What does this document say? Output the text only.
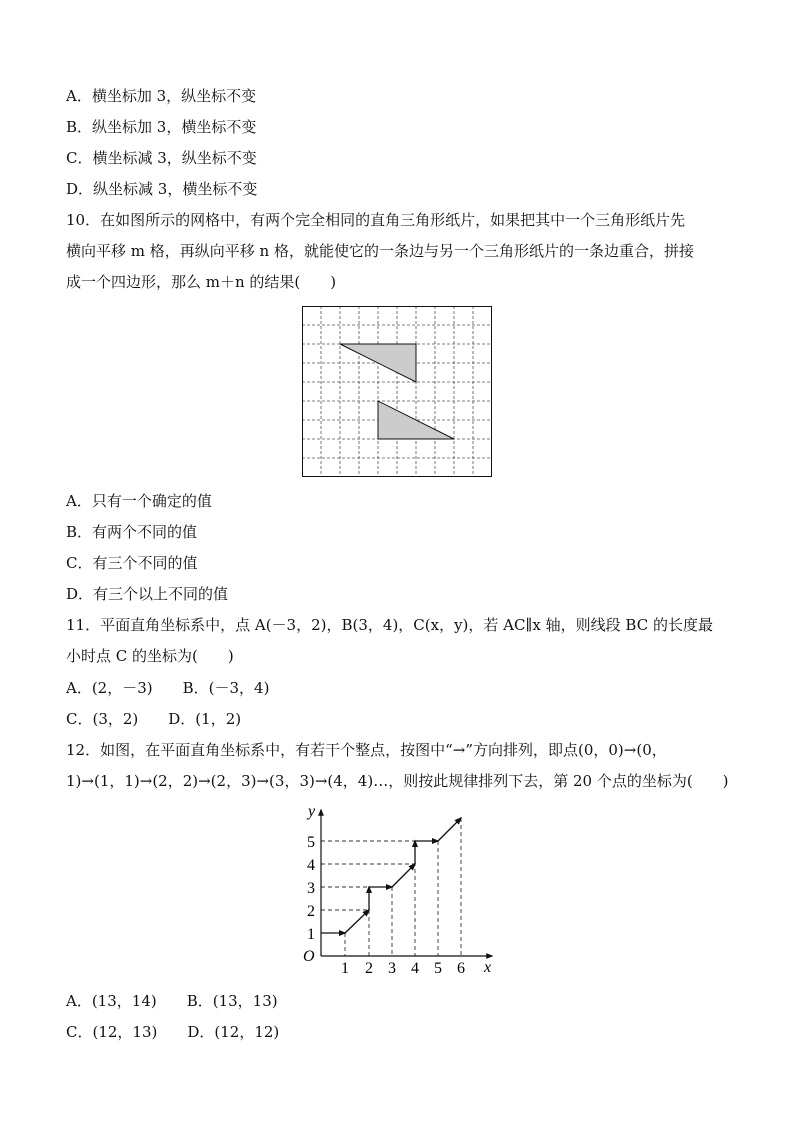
A．横坐标加 3，纵坐标不变
B．纵坐标加 3，横坐标不变
C．横坐标减 3，纵坐标不变
D．纵坐标减 3，横坐标不变
10．在如图所示的网格中，有两个完全相同的直角三角形纸片，如果把其中一个三角形纸片先
横向平移 m 格，再纵向平移 n 格，就能使它的一条边与另一个三角形纸片的一条边重合，拼接
成一个四边形，那么 m＋n 的结果(　　)
A．只有一个确定的值
B．有两个不同的值
C．有三个不同的值
D．有三个以上不同的值
11．平面直角坐标系中，点 A(－3，2)，B(3，4)，C(x，y)，若 AC∥x 轴，则线段 BC 的长度最
小时点 C 的坐标为(　　)
A．(2，－3)　　B．(－3，4)
C．(3，2)　　D．(1，2)
12．如图，在平面直角坐标系中，有若干个整点，按图中“→”方向排列，即点(0，0)→(0，
1)→(1，1)→(2，2)→(2，3)→(3，3)→(4，4)…，则按此规律排列下去，第 20 个点的坐标为(　　)
O
x
y
1 2 3 4 5 6
1
2
3
4
5
A．(13，14)　　B．(13，13)
C．(12，13)　　D．(12，12)
